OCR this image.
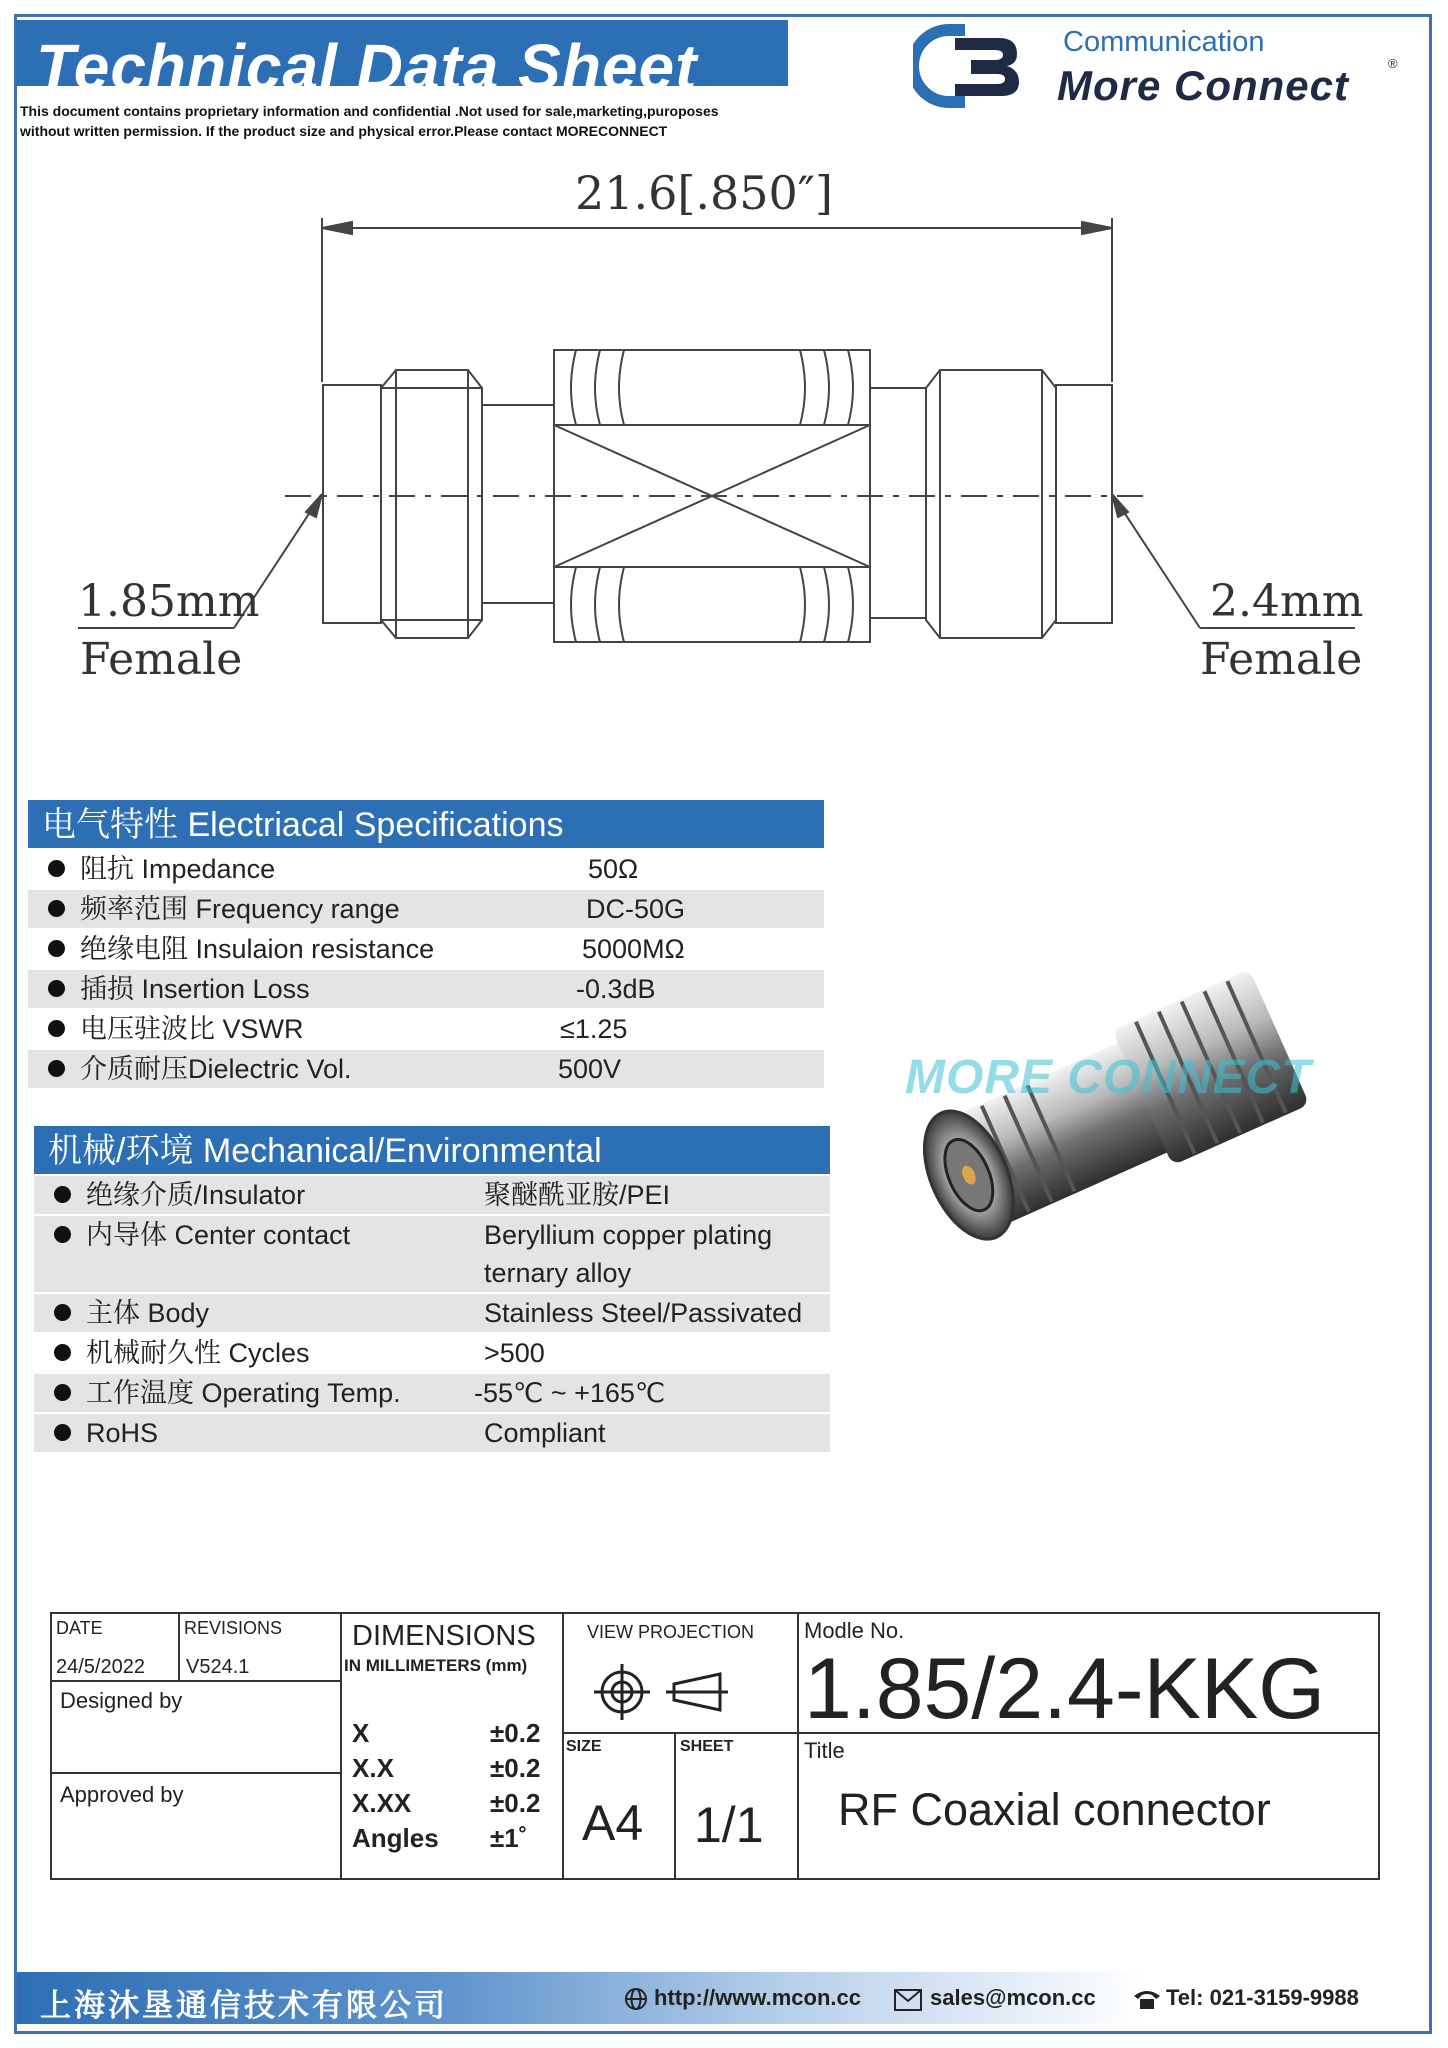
Technical Data Sheet
This document contains proprietary information and confidential .Not used for sale,marketing,puroposes
without written permission. If the product size and physical error.Please contact MORECONNECT
Communication
More Connect	®
21.6[.850″]
1.85mm
Female
2.4mm
Female
电气特性 Electriacal Specifications
阻抗 Impedance	50Ω
频率范围 Frequency range	DC-50G
绝缘电阻 Insulaion resistance	5000MΩ
插损 Insertion Loss	-0.3dB
电压驻波比 VSWR	≤1.25
介质耐压Dielectric Vol.	500V
机械/环境 Mechanical/Environmental
绝缘介质/Insulator	聚醚酰亚胺/PEI
内导体 Center contact	Beryllium copper plating
ternary alloy
主体 Body	Stainless Steel/Passivated
机械耐久性 Cycles	>500
工作温度 Operating Temp.	-55℃ ~ +165℃
RoHS	Compliant
MORE CONNECT
DATE
24/5/2022
REVISIONS
V524.1
Designed by
Approved by
DIMENSIONS
IN MILLIMETERS (mm)
X	±0.2
X.X	±0.2
X.XX	±0.2
Angles ±1˚
VIEW PROJECTION
SIZE
A4
SHEET
1/1
Modle No.
1.85/2.4-KKG
Title
RF Coaxial connector
上海沐垦通信技术有限公司	http://www.mcon.cc	sales@mcon.cc	Tel: 021-3159-9988
